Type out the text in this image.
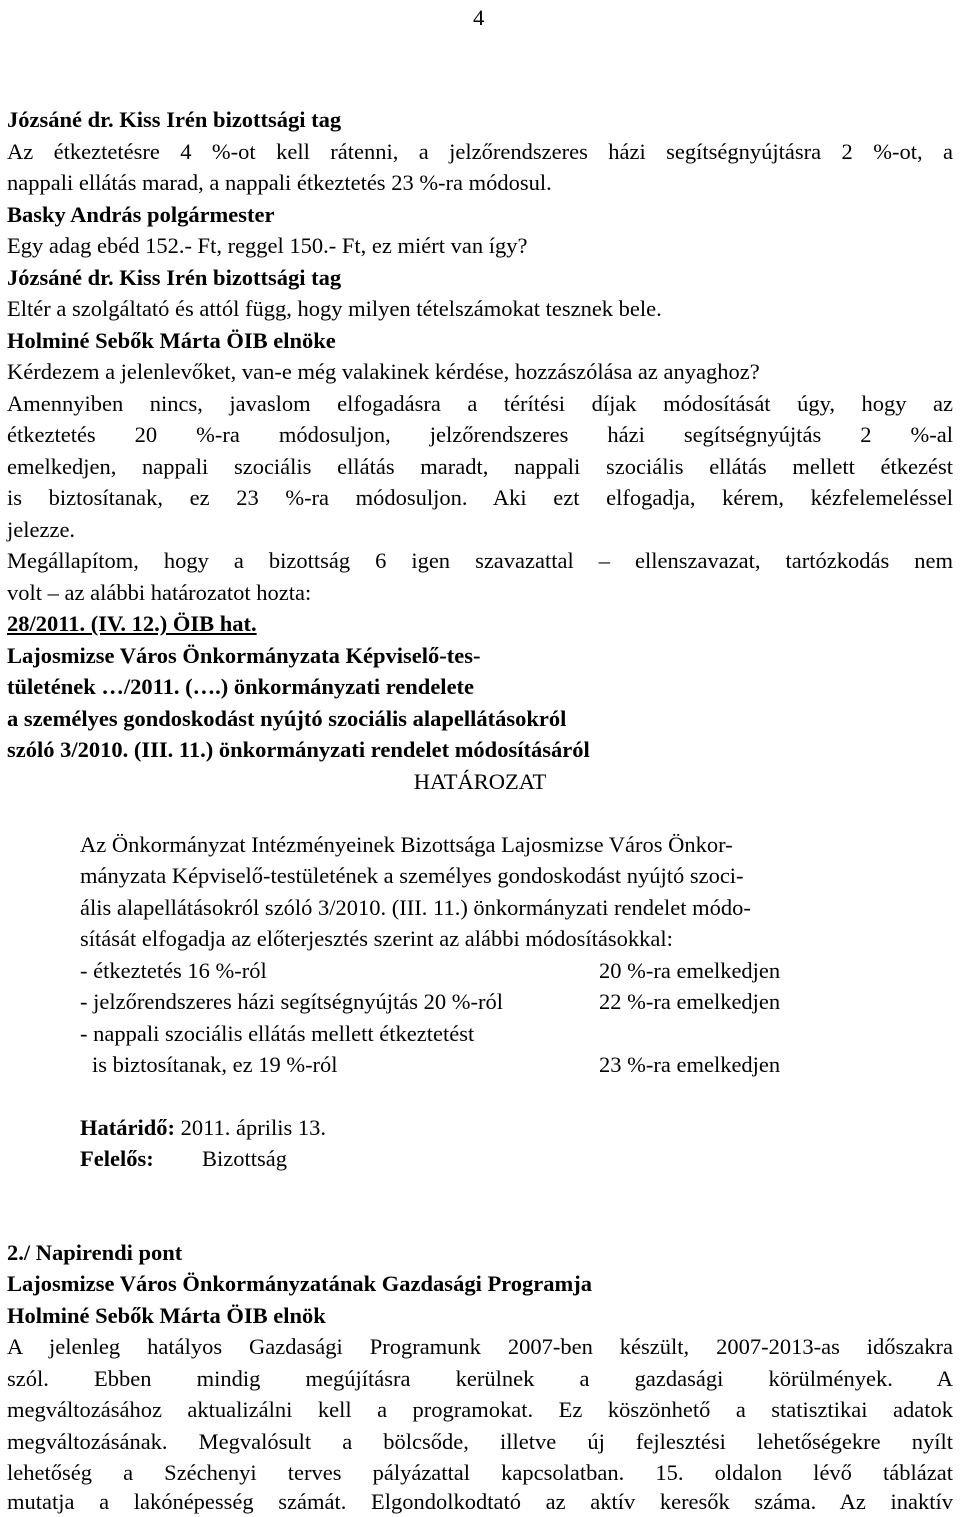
4
Józsáné dr. Kiss Irén bizottsági tag
Az étkeztetésre 4 %-ot kell rátenni, a jelzőrendszeres házi segítségnyújtásra 2 %-ot, a
nappali ellátás marad, a nappali étkeztetés 23 %-ra módosul.
Basky András polgármester
Egy adag ebéd 152.- Ft, reggel 150.- Ft, ez miért van így?
Józsáné dr. Kiss Irén bizottsági tag
Eltér a szolgáltató és attól függ, hogy milyen tételszámokat tesznek bele.
Holminé Sebők Márta ÖIB elnöke
Kérdezem a jelenlevőket, van-e még valakinek kérdése, hozzászólása az anyaghoz?
Amennyiben nincs, javaslom elfogadásra a térítési díjak módosítását úgy, hogy az
étkeztetés 20 %-ra módosuljon, jelzőrendszeres házi segítségnyújtás 2 %-al
emelkedjen, nappali szociális ellátás maradt, nappali szociális ellátás mellett étkezést
is biztosítanak, ez 23 %-ra módosuljon. Aki ezt elfogadja, kérem, kézfelemeléssel
jelezze.
Megállapítom, hogy a bizottság 6 igen szavazattal – ellenszavazat, tartózkodás nem
volt – az alábbi határozatot hozta:
28/2011. (IV. 12.) ÖIB hat.
Lajosmizse Város Önkormányzata Képviselő-tes-
tületének …/2011. (….) önkormányzati rendelete
a személyes gondoskodást nyújtó szociális alapellátásokról
szóló 3/2010. (III. 11.) önkormányzati rendelet módosításáról
HATÁROZAT
Az Önkormányzat Intézményeinek Bizottsága Lajosmizse Város Önkor-
mányzata Képviselő-testületének a személyes gondoskodást nyújtó szoci-
ális alapellátásokról szóló 3/2010. (III. 11.) önkormányzati rendelet módo-
sítását elfogadja az előterjesztés szerint az alábbi módosításokkal:
- étkeztetés 16 %-ról	20 %-ra emelkedjen
- jelzőrendszeres házi segítségnyújtás 20 %-ról	22 %-ra emelkedjen
- nappali szociális ellátás mellett étkeztetést
is biztosítanak, ez 19 %-ról	23 %-ra emelkedjen
Határidő: 2011. április 13.
Felelős: Bizottság
2./ Napirendi pont
Lajosmizse Város Önkormányzatának Gazdasági Programja
Holminé Sebők Márta ÖIB elnök
A jelenleg hatályos Gazdasági Programunk 2007-ben készült, 2007-2013-as időszakra
szól. Ebben mindig megújításra kerülnek a gazdasági körülmények. A
megváltozásához aktualizálni kell a programokat. Ez köszönhető a statisztikai adatok
megváltozásának. Megvalósult a bölcsőde, illetve új fejlesztési lehetőségekre nyílt
lehetőség a Széchenyi terves pályázattal kapcsolatban. 15. oldalon lévő táblázat
mutatja a lakónépesség számát. Elgondolkodtató az aktív keresők száma. Az inaktív
